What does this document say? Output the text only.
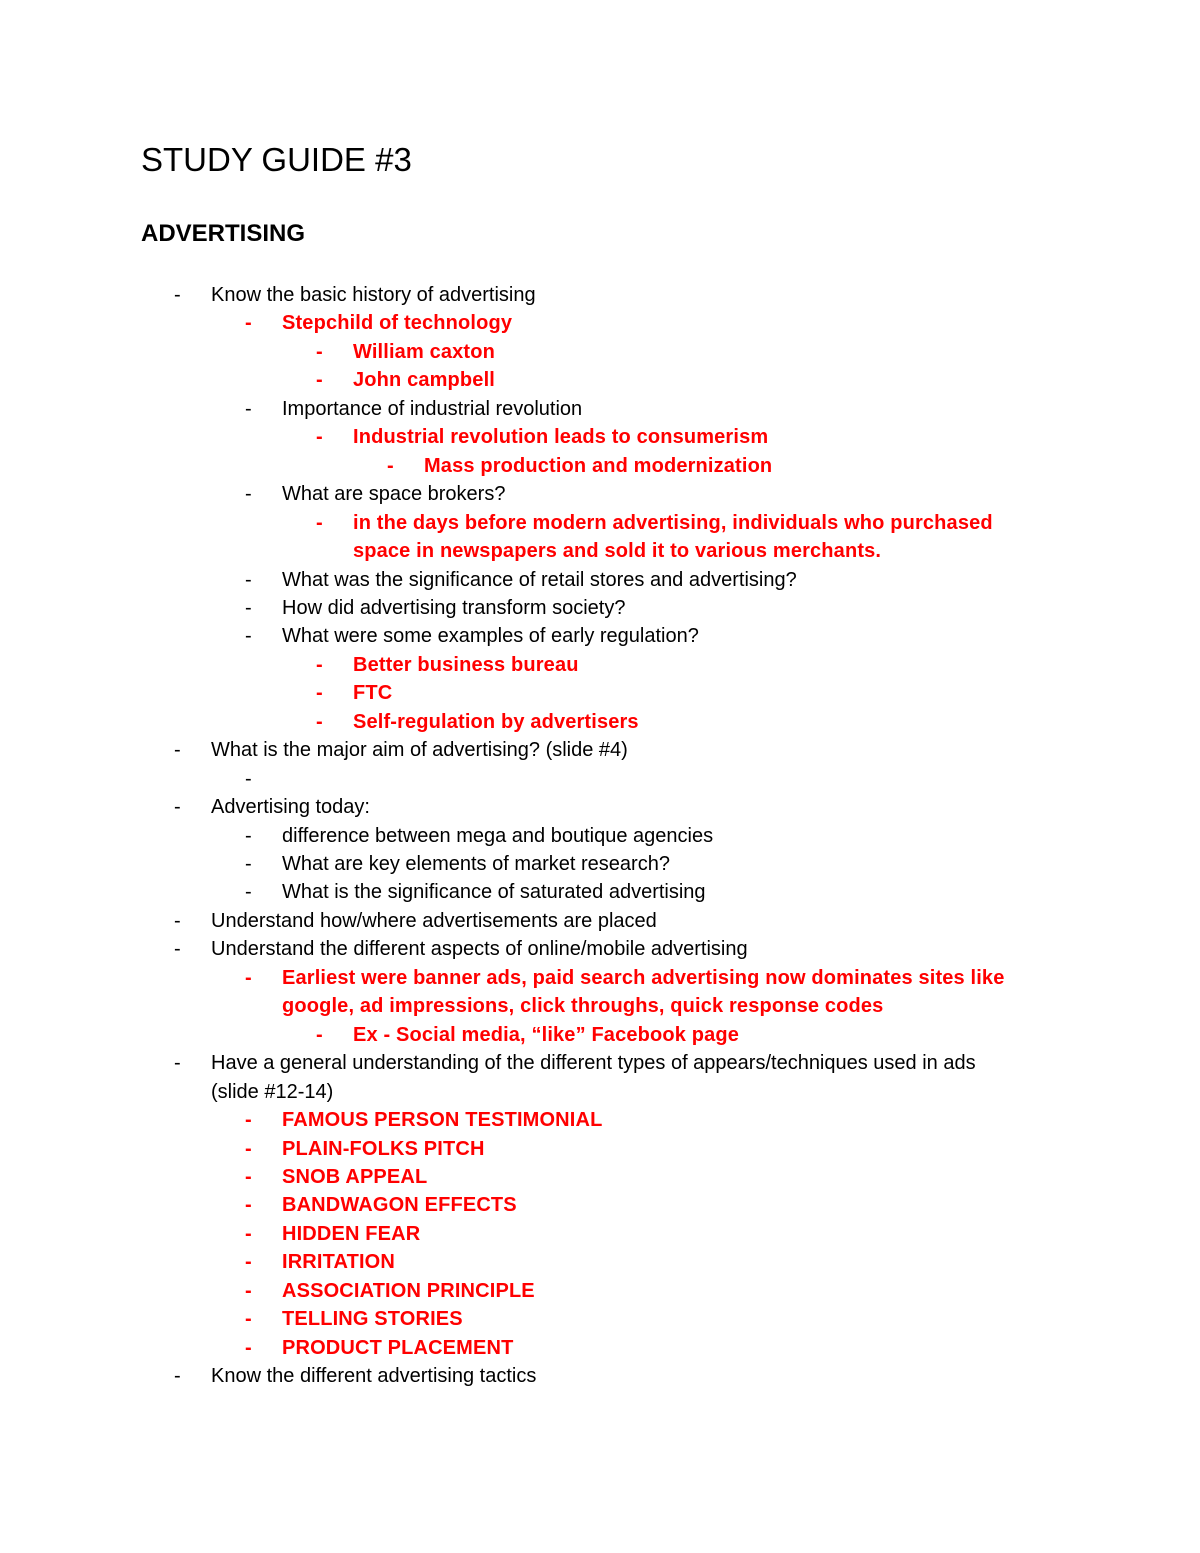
STUDY GUIDE #3
ADVERTISING
-	Know the basic history of advertising
-	Stepchild of technology
-	William caxton
-	John campbell
-	Importance of industrial revolution
-	Industrial revolution leads to consumerism
-	Mass production and modernization
-	What are space brokers?
-	in the days before modern advertising, individuals who purchased
space in newspapers and sold it to various merchants.
-	What was the significance of retail stores and advertising?
-	How did advertising transform society?
-	What were some examples of early regulation?
-	Better business bureau
-	FTC
-	Self-regulation by advertisers
-	What is the major aim of advertising? (slide #4)
-
-	Advertising today:
-	difference between mega and boutique agencies
-	What are key elements of market research?
-	What is the significance of saturated advertising
-	Understand how/where advertisements are placed
-	Understand the different aspects of online/mobile advertising
-	Earliest were banner ads, paid search advertising now dominates sites like
google, ad impressions, click throughs, quick response codes
-	Ex - Social media, “like” Facebook page
-	Have a general understanding of the different types of appears/techniques used in ads
(slide #12-14)
-	FAMOUS PERSON TESTIMONIAL
-	PLAIN-FOLKS PITCH
-	SNOB APPEAL
-	BANDWAGON EFFECTS
-	HIDDEN FEAR
-	IRRITATION
-	ASSOCIATION PRINCIPLE
-	TELLING STORIES
-	PRODUCT PLACEMENT
-	Know the different advertising tactics
